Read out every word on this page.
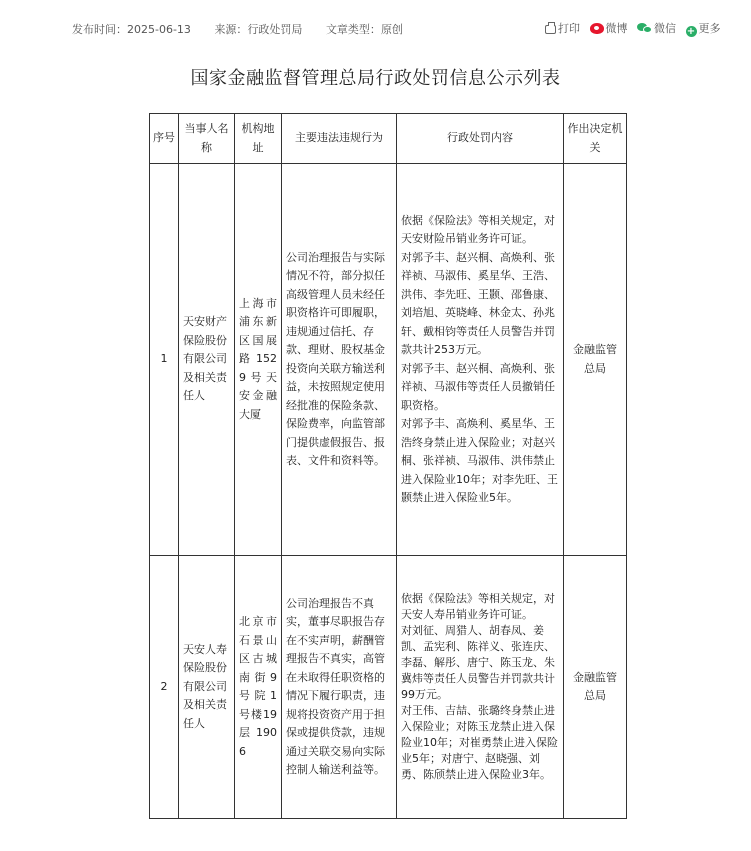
发布时间：2025-06-13 来源：行政处罚局 文章类型：原创	打印 微博 微信 + 更多
国家金融监督管理总局行政处罚信息公示列表
序号	当事人名称	机构地址	主要违法违规行为	行政处罚内容	作出决定机关
1	天安财产保险股份有限公司及相关责任人	上海市浦东新区国展路1529号天安金融大厦	公司治理报告与实际情况不符，部分拟任高级管理人员未经任职资格许可即履职，违规通过信托、存款、理财、股权基金投资向关联方输送利益，未按照规定使用经批准的保险条款、保险费率，向监管部门提供虚假报告、报表、文件和资料等。	依据《保险法》等相关规定，对天安财险吊销业务许可证。
对郭予丰、赵兴桐、高焕利、张祥祯、马淑伟、奚星华、王浩、洪伟、李先旺、王颢、邵鲁康、刘培旭、英晓峰、林金太、孙兆轩、戴相钧等责任人员警告并罚款共计253万元。
对郭予丰、赵兴桐、高焕利、张祥祯、马淑伟等责任人员撤销任职资格。
对郭予丰、高焕利、奚星华、王浩终身禁止进入保险业；对赵兴桐、张祥祯、马淑伟、洪伟禁止进入保险业10年；对李先旺、王颢禁止进入保险业5年。	金融监管总局
2	天安人寿保险股份有限公司及相关责任人	北京市石景山区古城南街9号院1号楼19层1906	公司治理报告不真实，董事尽职报告存在不实声明，薪酬管理报告不真实，高管在未取得任职资格的情况下履行职责，违规将投资资产用于担保或提供贷款，违规通过关联交易向实际控制人输送利益等。	依据《保险法》等相关规定，对天安人寿吊销业务许可证。
对刘征、周猎人、胡春凤、姜凯、孟宪利、陈祥义、张连庆、李磊、解彤、唐宁、陈玉龙、朱冀炜等责任人员警告并罚款共计99万元。
对王伟、吉喆、张璐终身禁止进入保险业；对陈玉龙禁止进入保险业10年；对崔勇禁止进入保险业5年；对唐宁、赵晓强、刘勇、陈颀禁止进入保险业3年。	金融监管总局
